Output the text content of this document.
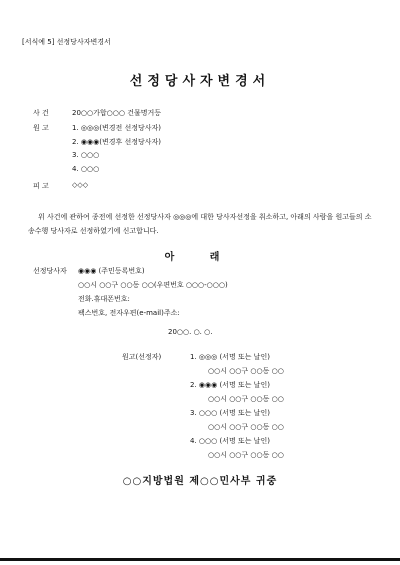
[서식예 5] 선정당사자변경서
선정당사자변경서
사 건	20○○가합○○○ 건물명거등
원 고	1. ◎◎◎(변경전 선정당사자)
2. ◉◉◉(변경후 선정당사자)
3. ○○○
4. ○○○
피 고	◇◇◇
위 사건에 관하여 종전에 선정한 선정당사자 ◎◎◎에 대한 당사자선정을 취소하고, 아래의 사람을 원고들의 소송수행 당사자로 선정하였기에 신고합니다.
아 래
선정당사자 ◉◉◉ (주민등록번호)
○○시 ○○구 ○○동 ○○(우편번호 ○○○-○○○)
전화.휴대폰번호:
팩스번호, 전자우편(e-mail)주소:
20○○. ○. ○.
원고(선정자)	1. ◎◎◎ (서명 또는 날인)
○○시 ○○구 ○○동 ○○
2. ◉◉◉ (서명 또는 날인)
○○시 ○○구 ○○동 ○○
3. ○○○ (서명 또는 날인)
○○시 ○○구 ○○동 ○○
4. ○○○ (서명 또는 날인)
○○시 ○○구 ○○동 ○○
○○지방법원 제○○민사부 귀중
